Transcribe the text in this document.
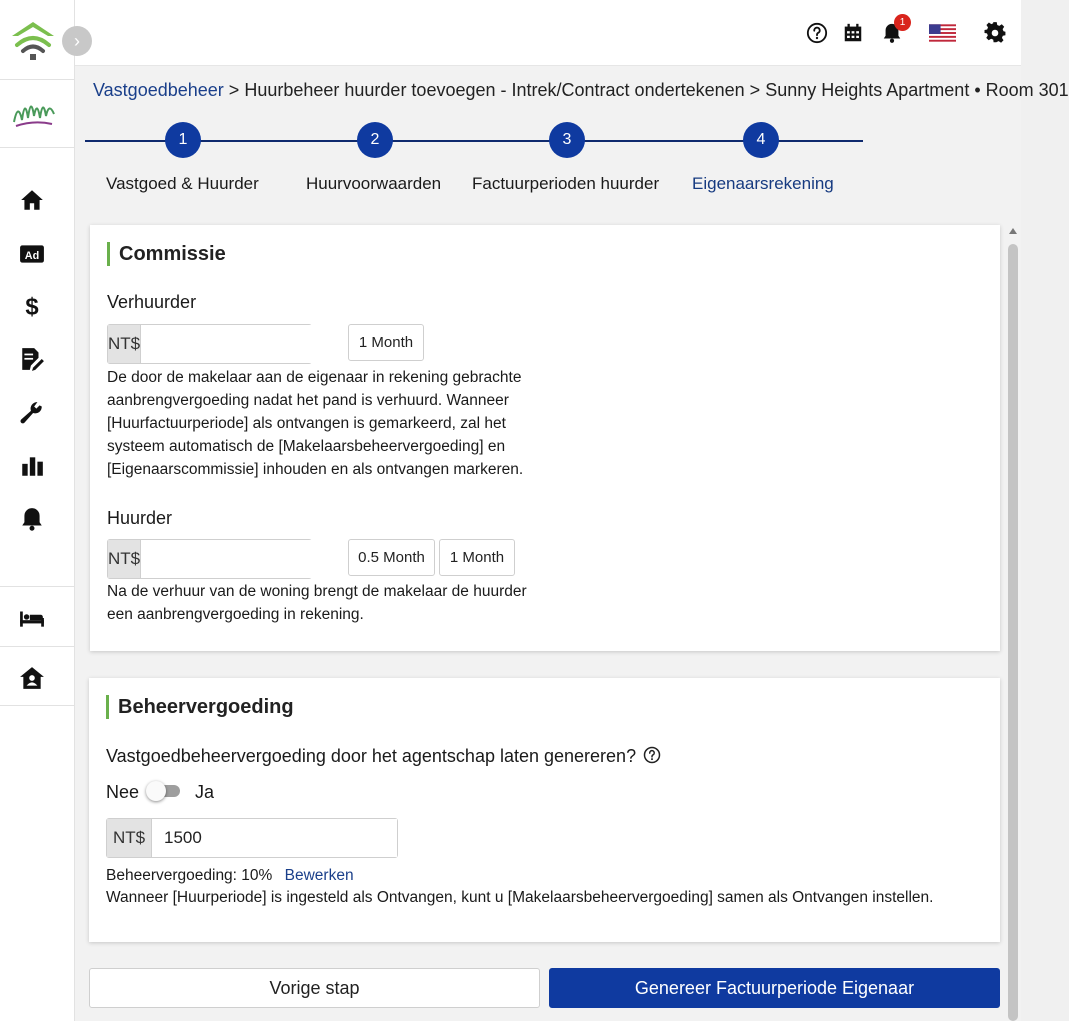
›
Ad
$
1
Vastgoedbeheer > Huurbeheer huurder toevoegen - Intrek/Contract ondertekenen > Sunny Heights Apartment • Room 301
1	2	3	4
Vastgoed & Huurder	Huurvoorwaarden Factuurperioden huurder Eigenaarsrekening
Commissie
Verhuurder
NT$	1 Month
De door de makelaar aan de eigenaar in rekening gebrachte aanbrengvergoeding nadat het pand is verhuurd. Wanneer [Huurfactuurperiode] als ontvangen is gemarkeerd, zal het systeem automatisch de [Makelaarsbeheervergoeding] en [Eigenaarscommissie] inhouden en als ontvangen markeren.
Huurder
NT$	0.5 Month	1 Month
Na de verhuur van de woning brengt de makelaar de huurder een aanbrengvergoeding in rekening.
Beheervergoeding
Vastgoedbeheervergoeding door het agentschap laten genereren?
Nee	Ja
NT$
1500
Beheervergoeding: 10% Bewerken
Wanneer [Huurperiode] is ingesteld als Ontvangen, kunt u [Makelaarsbeheervergoeding] samen als Ontvangen instellen.
Vorige stap	Genereer Factuurperiode Eigenaar
